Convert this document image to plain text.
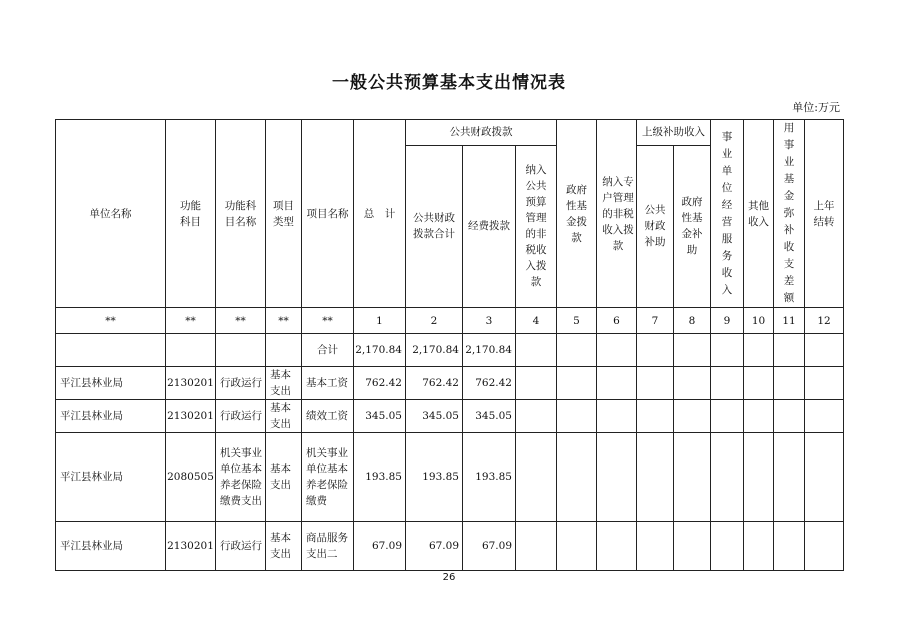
一般公共预算基本支出情况表
单位:万元
单位名称	功能科目	功能科目名称	项目类型	项目名称	总　计	公共财政拨款			政府性基金拨款	纳入专户管理的非税收入拨款	上级补助收入		事业单位经营服务收入	其他收入	用事业基金弥补收支差额	上年结转

						公共财政拨款合计	经费拨款	纳入公共预算管理的非税收入拨款			公共财政补助	政府性基金补助				

**	**	**	**	**	1	2	3	4	5	6	7	8	9	10	11	12
				合计	2,170.84	2,170.84	2,170.84									
平江县林业局	2130201	行政运行	基本支出	基本工资	762.42	762.42	762.42									
平江县林业局	2130201	行政运行	基本支出	绩效工资	345.05	345.05	345.05									
平江县林业局	2080505	机关事业单位基本养老保险缴费支出	基本支出	机关事业单位基本养老保险缴费	193.85	193.85	193.85									
平江县林业局	2130201	行政运行	基本支出	商品服务支出二	67.09	67.09	67.09									
26
